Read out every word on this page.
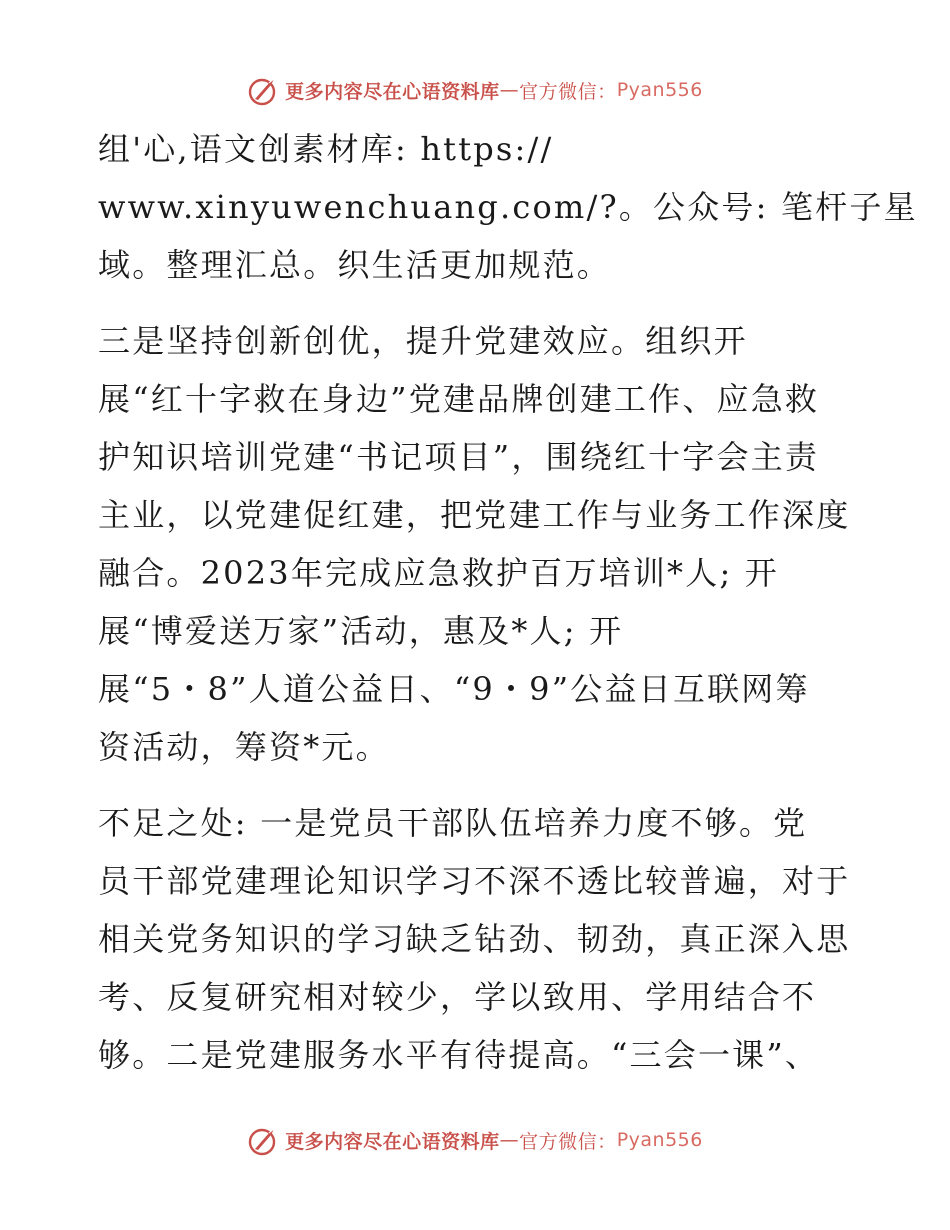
更多内容尽在心语资料库 — 官方微信： Pyan556
组'心,语文创素材库: https://
www.xinyuwenchuang.com/?。公众号: 笔杆子星
域。整理汇总。织生活更加规范。
三是坚持创新创优，提升党建效应。组织开
展“红十字救在身边”党建品牌创建工作、应急救
护知识培训党建“书记项目”，围绕红十字会主责
主业，以党建促红建，把党建工作与业务工作深度
融合。2023年完成应急救护百万培训*人; 开
展“博爱送万家”活动，惠及*人; 开
展“5・8”人道公益日、“9・9”公益日互联网筹
资活动，筹资*元。
不足之处: 一是党员干部队伍培养力度不够。党
员干部党建理论知识学习不深不透比较普遍，对于
相关党务知识的学习缺乏钻劲、韧劲，真正深入思
考、反复研究相对较少，学以致用、学用结合不
够。二是党建服务水平有待提高。“三会一课”、
更多内容尽在心语资料库 — 官方微信： Pyan556
